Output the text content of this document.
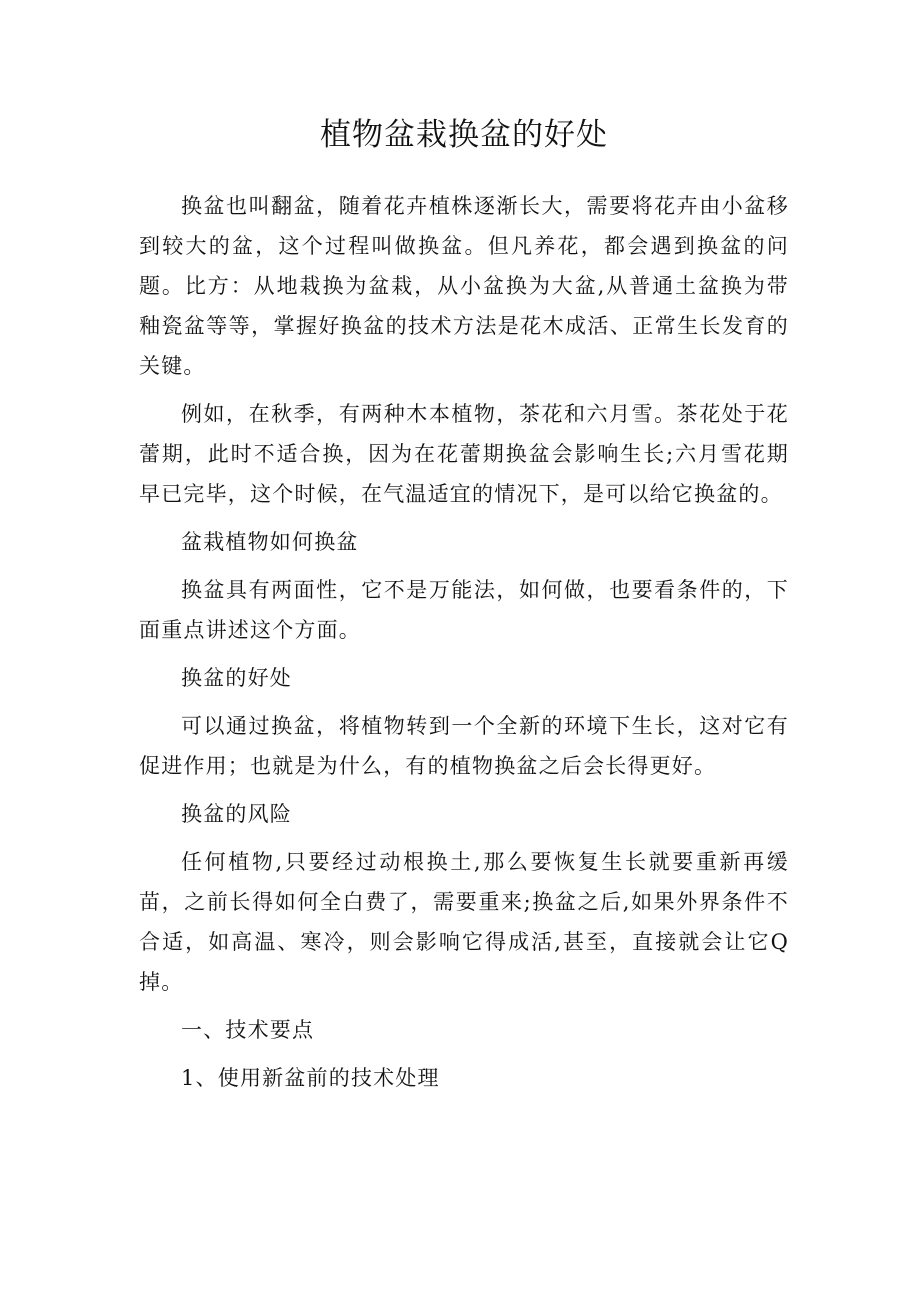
植物盆栽换盆的好处

换盆也叫翻盆，随着花卉植株逐渐长大，需要将花卉由小盆移到较大的盆，这个过程叫做换盆。但凡养花，都会遇到换盆的问题。比方：从地栽换为盆栽，从小盆换为大盆,从普通土盆换为带釉瓷盆等等，掌握好换盆的技术方法是花木成活、正常生长发育的关键。

例如，在秋季，有两种木本植物，茶花和六月雪。茶花处于花蕾期，此时不适合换，因为在花蕾期换盆会影响生长;六月雪花期早已完毕，这个时候，在气温适宜的情况下，是可以给它换盆的。

盆栽植物如何换盆

换盆具有两面性，它不是万能法，如何做，也要看条件的，下面重点讲述这个方面。

换盆的好处

可以通过换盆，将植物转到一个全新的环境下生长，这对它有促进作用；也就是为什么，有的植物换盆之后会长得更好。

换盆的风险

任何植物,只要经过动根换土,那么要恢复生长就要重新再缓苗，之前长得如何全白费了，需要重来;换盆之后,如果外界条件不合适，如高温、寒冷，则会影响它得成活,甚至，直接就会让它Q掉。

一、技术要点

1、使用新盆前的技术处理
